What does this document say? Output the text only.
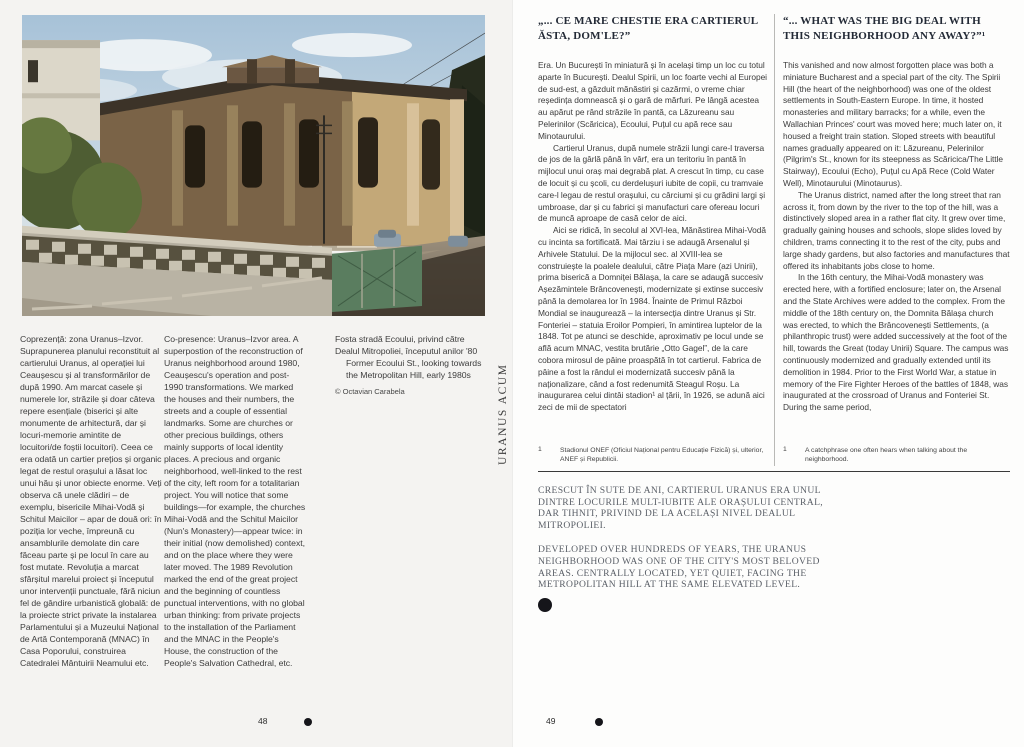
Coprezență: zona Uranus–Izvor. Suprapunerea planului reconstituit al cartierului Uranus, al operației lui Ceaușescu și al transformărilor de după 1990. Am marcat casele și numerele lor, străzile și doar câteva repere esențiale (biserici și alte monumente de arhitectură, dar și locuri-memorie amintite de locuitori/de foștii locuitori). Ceea ce era odată un cartier prețios și organic legat de restul orașului a lăsat loc unui hău și unor obiecte enorme. Veți observa că unele clădiri – de exemplu, bisericile Mihai-Vodă și Schitul Maicilor – apar de două ori: în poziția lor veche, împreună cu ansamblurile demolate din care făceau parte și pe locul în care au fost mutate. Revoluția a marcat sfârșitul marelui proiect și începutul unor intervenții punctuale, fără niciun fel de gândire urbanistică globală: de la proiecte strict private la instalarea Parlamentului și a Muzeului Național de Artă Contemporană (MNAC) în Casa Poporului, construirea Catedralei Mântuirii Neamului etc.

Co-presence: Uranus–Izvor area. A superpostion of the reconstruction of Uranus neighborhood around 1980, Ceaușescu's operation and post-1990 transformations. We marked the houses and their numbers, the streets and a couple of essential landmarks. Some are churches or other precious buildings, others mainly supports of local identity places. A precious and organic neighborhood, well-linked to the rest of the city, left room for a totalitarian project. You will notice that some buildings—for example, the churches Mihai-Vodă and the Schitul Maicilor (Nun's Monastery)—appear twice: in their initial (now demolished) context, and on the place where they were later moved. The 1989 Revolution marked the end of the great project and the beginning of countless punctual interventions, with no global urban thinking: from private projects to the installation of the Parliament and the MNAC in the People's House, the construction of the People's Salvation Cathedral, etc.

Fosta stradă Ecoului, privind către Dealul Mitropoliei, începutul anilor '80

Former Ecoului St., looking towards the Metropolitan Hill, early 1980s

© Octavian Carabela	URANUS ACUM
48
„... CE MARE CHESTIE ERA CARTIERUL ĂSTA, DOM'LE?”

Era. Un București în miniatură și în același timp un loc cu totul aparte în București. Dealul Spirii, un loc foarte vechi al Europei de sud-est, a găzduit mănăstiri și cazărmi, o vreme chiar reședința domnească și o gară de mărfuri. Pe lângă acestea au apărut pe rând străzile în pantă, ca Lăzureanu sau Pelerinilor (Scăricica), Ecoului, Puțul cu apă rece sau Minotaurului.

Cartierul Uranus, după numele străzii lungi care-l traversa de jos de la gârlă până în vârf, era un teritoriu în pantă în mijlocul unui oraș mai degrabă plat. A crescut în timp, cu case de locuit și cu școli, cu derdelușuri iubite de copii, cu tramvaie care-l legau de restul orașului, cu cârciumi și cu grădini largi și umbroase, dar și cu fabrici și manufacturi care ofereau locuri de muncă aproape de casă celor de aici.

Aici se ridică, în secolul al XVI-lea, Mănăstirea Mihai-Vodă cu incinta sa fortificată. Mai târziu i se adaugă Arsenalul și Arhivele Statului. De la mijlocul sec. al XVIII-lea se construiește la poalele dealului, către Piața Mare (azi Unirii), prima biserică a Domniței Bălașa, la care se adaugă succesiv Așezămintele Brâncovenești, modernizate și extinse succesiv până la demolarea lor în 1984. Înainte de Primul Război Mondial se inaugurează – la intersecția dintre Uranus și Str. Fonteriei – statuia Eroilor Pompieri, în amintirea luptelor de la 1848. Tot pe atunci se deschide, aproximativ pe locul unde se află acum MNAC, vestita brutărie „Otto Gagel”, de la care cobora mirosul de pâine proaspătă în tot cartierul. Fabrica de pâine a fost la rândul ei modernizată succesiv până la naționalizare, când a fost redenumită Steagul Roșu. La inaugurarea celui dintâi stadion¹ al țării, în 1926, se adună aici zeci de mii de spectatori

1	Stadionul ONEF (Oficiul Național pentru Educație Fizică) și, ulterior, ANEF și Republicii.
“... WHAT WAS THE BIG DEAL WITH THIS NEIGHBORHOOD ANY AWAY?”¹

This vanished and now almost forgotten place was both a miniature Bucharest and a special part of the city. The Spirii Hill (the heart of the neighborhood) was one of the oldest settlements in South-Eastern Europe. In time, it hosted monasteries and military barracks; for a while, even the Wallachian Princes' court was moved here; much later on, it housed a freight train station. Sloped streets with beautiful names gradually appeared on it: Lăzureanu, Pelerinilor (Pilgrim's St., known for its steepness as Scăricica/The Little Stairway), Ecoului (Echo), Puțul cu Apă Rece (Cold Water Well), Minotaurului (Minotaurus).

The Uranus district, named after the long street that ran across it, from down by the river to the top of the hill, was a distinctively sloped area in a rather flat city. It grew over time, gradually gaining houses and schools, slope slides loved by children, trams connecting it to the rest of the city, pubs and large shady gardens, but also factories and manufactures that offered its inhabitants jobs close to home.

In the 16th century, the Mihai-Vodă monastery was erected here, with a fortified enclosure; later on, the Arsenal and the State Archives were added to the complex. From the middle of the 18th century on, the Domnita Bălașa church was erected, to which the Brâncovenești Settlements, (a philanthropic trust) were added successively at the foot of the hill, towards the Great (today Unirii) Square. The campus was continuously modernized and gradually extended until its demolition in 1984. Prior to the First World War, a statue in memory of the Fire Fighter Heroes of the battles of 1848, was inaugurated at the crossroad of Uranus and Fonteriei St. During the same period,

1	A catchphrase one often hears when talking about the neighborhood.

CRESCUT ÎN SUTE DE ANI, CARTIERUL URANUS ERA UNUL DINTRE LOCURILE MULT-IUBITE ALE ORAȘULUI CENTRAL, DAR TIHNIT, PRIVIND DE LA ACELAȘI NIVEL DEALUL MITROPOLIEI.

DEVELOPED OVER HUNDREDS OF YEARS, THE URANUS NEIGHBORHOOD WAS ONE OF THE CITY'S MOST BELOVED AREAS. CENTRALLY LOCATED, YET QUIET, FACING THE METROPOLITAN HILL AT THE SAME ELEVATED LEVEL.

49
